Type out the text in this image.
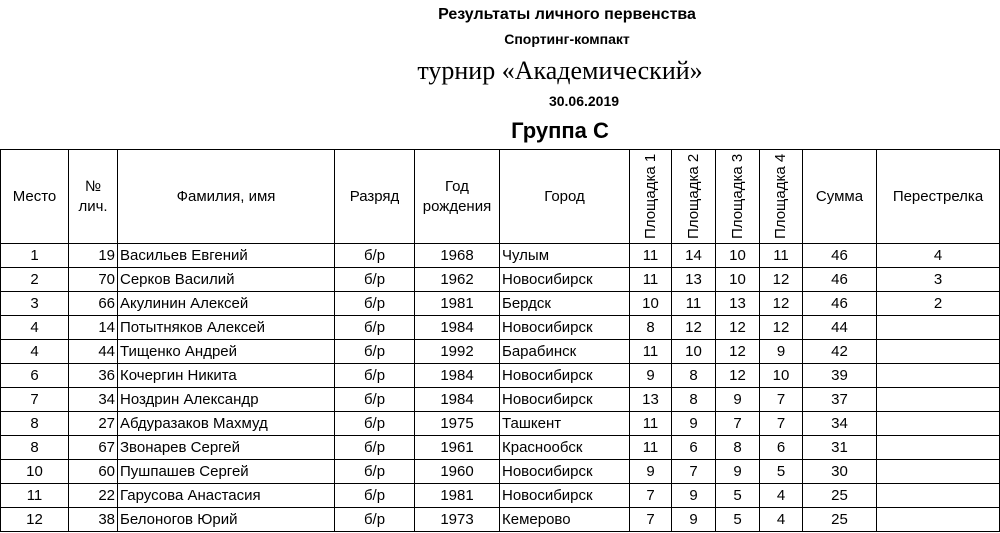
Результаты личного первенства
Спортинг-компакт
турнир «Академический»
30.06.2019
Группа С
Место	№ лич.	Фамилия, имя	Разряд	Год рождения	Город	Площадка 1	Площадка 2	Площадка 3	Площадка 4	Сумма	Перестрелка
1	19	Васильев Евгений	б/р	1968	Чулым	11	14	10	11	46	4
2	70	Серков Василий	б/р	1962	Новосибирск	11	13	10	12	46	3
3	66	Акулинин Алексей	б/р	1981	Бердск	10	11	13	12	46	2
4	14	Потытняков Алексей	б/р	1984	Новосибирск	8	12	12	12	44	
4	44	Тищенко Андрей	б/р	1992	Барабинск	11	10	12	9	42	
6	36	Кочергин Никита	б/р	1984	Новосибирск	9	8	12	10	39	
7	34	Ноздрин Александр	б/р	1984	Новосибирск	13	8	9	7	37	
8	27	Абдуразаков Махмуд	б/р	1975	Ташкент	11	9	7	7	34	
8	67	Звонарев Сергей	б/р	1961	Краснообск	11	6	8	6	31	
10	60	Пушпашев Сергей	б/р	1960	Новосибирск	9	7	9	5	30	
11	22	Гарусова Анастасия	б/р	1981	Новосибирск	7	9	5	4	25	
12	38	Белоногов Юрий	б/р	1973	Кемерово	7	9	5	4	25	
